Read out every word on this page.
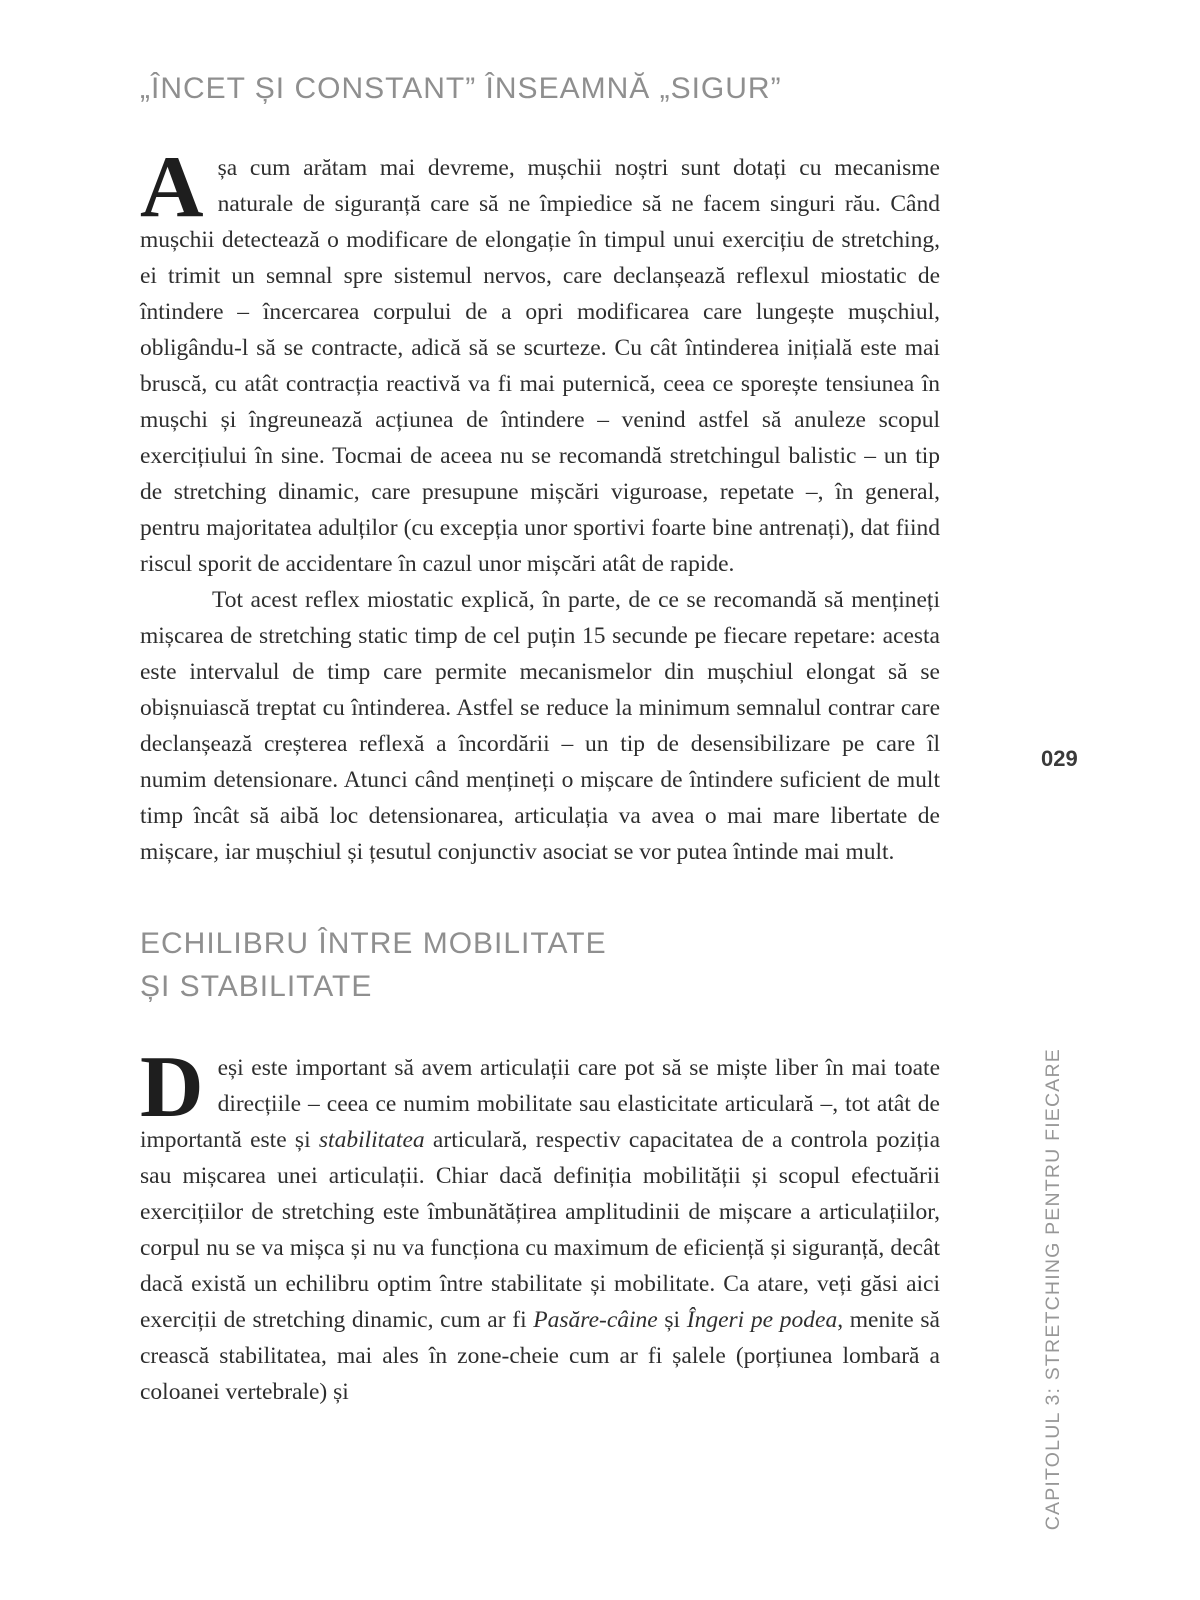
„ÎNCET ȘI CONSTANT” ÎNSEAMNĂ „SIGUR”

Așa cum arătam mai devreme, mușchii noștri sunt dotați cu mecanisme naturale de siguranță care să ne împiedice să ne facem singuri rău. Când mușchii detectează o modificare de elongație în timpul unui exercițiu de stretching, ei trimit un semnal spre sistemul nervos, care declanșează reflexul miostatic de întindere – încercarea corpului de a opri modificarea care lungește mușchiul, obligându-l să se contracte, adică să se scurteze. Cu cât întinderea inițială este mai bruscă, cu atât contracția reactivă va fi mai puternică, ceea ce sporește tensiunea în mușchi și îngreunează acțiunea de întindere – venind astfel să anuleze scopul exercițiului în sine. Tocmai de aceea nu se recomandă stretchingul balistic – un tip de stretching dinamic, care presupune mișcări viguroase, repetate –, în general, pentru majoritatea adulților (cu excepția unor sportivi foarte bine antrenați), dat fiind riscul sporit de accidentare în cazul unor mișcări atât de rapide.

Tot acest reflex miostatic explică, în parte, de ce se recomandă să mențineți mișcarea de stretching static timp de cel puțin 15 secunde pe fiecare repetare: acesta este intervalul de timp care permite mecanismelor din mușchiul elongat să se obișnuiască treptat cu întinderea. Astfel se reduce la minimum semnalul contrar care declanșează creșterea reflexă a încordării – un tip de desensibilizare pe care îl numim detensionare. Atunci când mențineți o mișcare de întindere suficient de mult timp încât să aibă loc detensionarea, articulația va avea o mai mare libertate de mișcare, iar mușchiul și țesutul conjunctiv asociat se vor putea întinde mai mult.

ECHILIBRU ÎNTRE MOBILITATE
ȘI STABILITATE

Deși este important să avem articulații care pot să se miște liber în mai toate direcțiile – ceea ce numim mobilitate sau elasticitate articulară –, tot atât de importantă este și stabilitatea articulară, respectiv capacitatea de a controla poziția sau mișcarea unei articulații. Chiar dacă definiția mobilității și scopul efectuării exercițiilor de stretching este îmbunătățirea amplitudinii de mișcare a articulațiilor, corpul nu se va mișca și nu va funcționa cu maximum de eficiență și siguranță, decât dacă există un echilibru optim între stabilitate și mobilitate. Ca atare, veți găsi aici exerciții de stretching dinamic, cum ar fi Pasăre-câine și Îngeri pe podea, menite să crească stabilitatea, mai ales în zone-cheie cum ar fi șalele (porțiunea lombară a coloanei vertebrale) și

029
CAPITOLUL 3: STRETCHING PENTRU FIECARE
